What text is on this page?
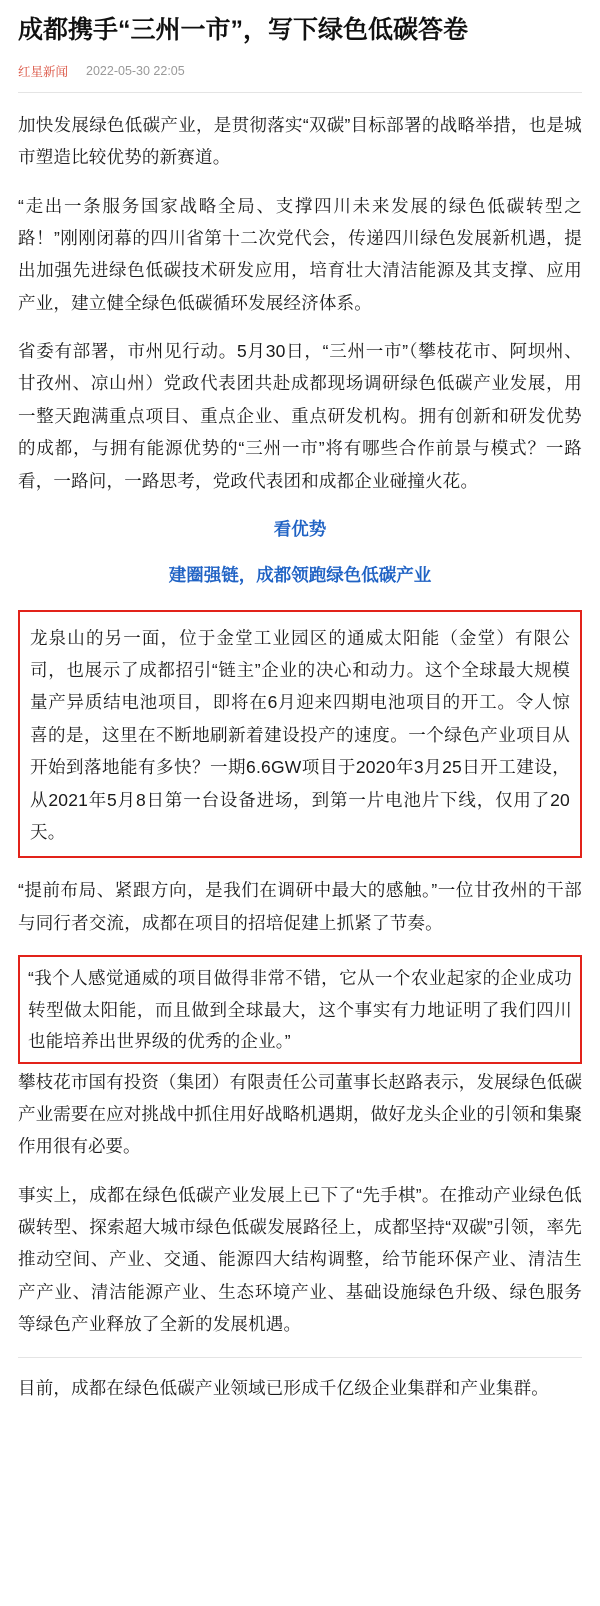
成都携手“三州一市”，写下绿色低碳答卷
红星新闻 2022-05-30 22:05

加快发展绿色低碳产业，是贯彻落实“双碳”目标部署的战略举措，也是城市塑造比较优势的新赛道。

“走出一条服务国家战略全局、支撑四川未来发展的绿色低碳转型之路！”刚刚闭幕的四川省第十二次党代会，传递四川绿色发展新机遇，提出加强先进绿色低碳技术研发应用，培育壮大清洁能源及其支撑、应用产业，建立健全绿色低碳循环发展经济体系。

省委有部署，市州见行动。5月30日，“三州一市”（攀枝花市、阿坝州、甘孜州、凉山州）党政代表团共赴成都现场调研绿色低碳产业发展，用一整天跑满重点项目、重点企业、重点研发机构。拥有创新和研发优势的成都，与拥有能源优势的“三州一市”将有哪些合作前景与模式？一路看，一路问，一路思考，党政代表团和成都企业碰撞火花。

看优势
建圈强链，成都领跑绿色低碳产业

龙泉山的另一面，位于金堂工业园区的通威太阳能（金堂）有限公司，也展示了成都招引“链主”企业的决心和动力。这个全球最大规模量产异质结电池项目，即将在6月迎来四期电池项目的开工。令人惊喜的是，这里在不断地刷新着建设投产的速度。一个绿色产业项目从开始到落地能有多快？一期6.6GW项目于2020年3月25日开工建设，从2021年5月8日第一台设备进场，到第一片电池片下线，仅用了20天。

“提前布局、紧跟方向，是我们在调研中最大的感触。”一位甘孜州的干部与同行者交流，成都在项目的招培促建上抓紧了节奏。

“我个人感觉通威的项目做得非常不错，它从一个农业起家的企业成功转型做太阳能，而且做到全球最大，这个事实有力地证明了我们四川也能培养出世界级的优秀的企业。”

攀枝花市国有投资（集团）有限责任公司董事长赵路表示，发展绿色低碳产业需要在应对挑战中抓住用好战略机遇期，做好龙头企业的引领和集聚作用很有必要。

事实上，成都在绿色低碳产业发展上已下了“先手棋”。在推动产业绿色低碳转型、探索超大城市绿色低碳发展路径上，成都坚持“双碳”引领，率先推动空间、产业、交通、能源四大结构调整，给节能环保产业、清洁生产产业、清洁能源产业、生态环境产业、基础设施绿色升级、绿色服务等绿色产业释放了全新的发展机遇。

目前，成都在绿色低碳产业领域已形成千亿级企业集群和产业集群。
